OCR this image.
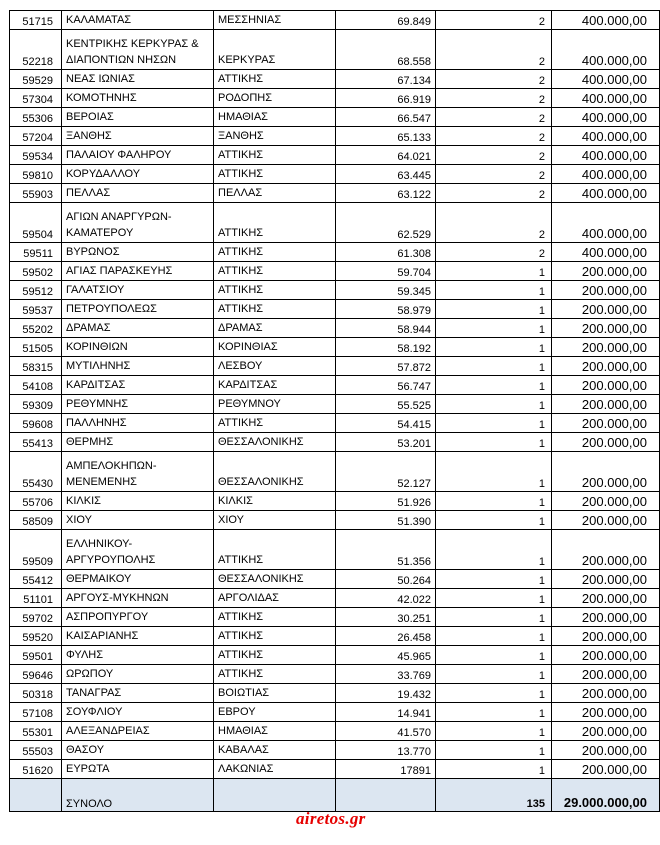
51715	ΚΑΛΑΜΑΤΑΣ	ΜΕΣΣΗΝΙΑΣ	69.849	2	400.000,00
52218	ΚΕΝΤΡΙΚΗΣ ΚΕΡΚΥΡΑΣ & ΔΙΑΠΟΝΤΙΩΝ ΝΗΣΩΝ	ΚΕΡΚΥΡΑΣ	68.558	2	400.000,00
59529	ΝΕΑΣ ΙΩΝΙΑΣ	ΑΤΤΙΚΗΣ	67.134	2	400.000,00
57304	ΚΟΜΟΤΗΝΗΣ	ΡΟΔΟΠΗΣ	66.919	2	400.000,00
55306	ΒΕΡΟΙΑΣ	ΗΜΑΘΙΑΣ	66.547	2	400.000,00
57204	ΞΑΝΘΗΣ	ΞΑΝΘΗΣ	65.133	2	400.000,00
59534	ΠΑΛΑΙΟΥ ΦΑΛΗΡΟΥ	ΑΤΤΙΚΗΣ	64.021	2	400.000,00
59810	ΚΟΡΥΔΑΛΛΟΥ	ΑΤΤΙΚΗΣ	63.445	2	400.000,00
55903	ΠΕΛΛΑΣ	ΠΕΛΛΑΣ	63.122	2	400.000,00
59504	ΑΓΙΩΝ ΑΝΑΡΓΥΡΩΝ-ΚΑΜΑΤΕΡΟΥ	ΑΤΤΙΚΗΣ	62.529	2	400.000,00
59511	ΒΥΡΩΝΟΣ	ΑΤΤΙΚΗΣ	61.308	2	400.000,00
59502	ΑΓΙΑΣ ΠΑΡΑΣΚΕΥΗΣ	ΑΤΤΙΚΗΣ	59.704	1	200.000,00
59512	ΓΑΛΑΤΣΙΟΥ	ΑΤΤΙΚΗΣ	59.345	1	200.000,00
59537	ΠΕΤΡΟΥΠΟΛΕΩΣ	ΑΤΤΙΚΗΣ	58.979	1	200.000,00
55202	ΔΡΑΜΑΣ	ΔΡΑΜΑΣ	58.944	1	200.000,00
51505	ΚΟΡΙΝΘΙΩΝ	ΚΟΡΙΝΘΙΑΣ	58.192	1	200.000,00
58315	ΜΥΤΙΛΗΝΗΣ	ΛΕΣΒΟΥ	57.872	1	200.000,00
54108	ΚΑΡΔΙΤΣΑΣ	ΚΑΡΔΙΤΣΑΣ	56.747	1	200.000,00
59309	ΡΕΘΥΜΝΗΣ	ΡΕΘΥΜΝΟΥ	55.525	1	200.000,00
59608	ΠΑΛΛΗΝΗΣ	ΑΤΤΙΚΗΣ	54.415	1	200.000,00
55413	ΘΕΡΜΗΣ	ΘΕΣΣΑΛΟΝΙΚΗΣ	53.201	1	200.000,00
55430	ΑΜΠΕΛΟΚΗΠΩΝ-ΜΕΝΕΜΕΝΗΣ	ΘΕΣΣΑΛΟΝΙΚΗΣ	52.127	1	200.000,00
55706	ΚΙΛΚΙΣ	ΚΙΛΚΙΣ	51.926	1	200.000,00
58509	ΧΙΟΥ	ΧΙΟΥ	51.390	1	200.000,00
59509	ΕΛΛΗΝΙΚΟΥ-ΑΡΓΥΡΟΥΠΟΛΗΣ	ΑΤΤΙΚΗΣ	51.356	1	200.000,00
55412	ΘΕΡΜΑΙΚΟΥ	ΘΕΣΣΑΛΟΝΙΚΗΣ	50.264	1	200.000,00
51101	ΑΡΓΟΥΣ-ΜΥΚΗΝΩΝ	ΑΡΓΟΛΙΔΑΣ	42.022	1	200.000,00
59702	ΑΣΠΡΟΠΥΡΓΟΥ	ΑΤΤΙΚΗΣ	30.251	1	200.000,00
59520	ΚΑΙΣΑΡΙΑΝΗΣ	ΑΤΤΙΚΗΣ	26.458	1	200.000,00
59501	ΦΥΛΗΣ	ΑΤΤΙΚΗΣ	45.965	1	200.000,00
59646	ΩΡΩΠΟΥ	ΑΤΤΙΚΗΣ	33.769	1	200.000,00
50318	ΤΑΝΑΓΡΑΣ	ΒΟΙΩΤΙΑΣ	19.432	1	200.000,00
57108	ΣΟΥΦΛΙΟΥ	ΕΒΡΟΥ	14.941	1	200.000,00
55301	ΑΛΕΞΑΝΔΡΕΙΑΣ	ΗΜΑΘΙΑΣ	41.570	1	200.000,00
55503	ΘΑΣΟΥ	ΚΑΒΑΛΑΣ	13.770	1	200.000,00
51620	ΕΥΡΩΤΑ	ΛΑΚΩΝΙΑΣ	17891	1	200.000,00
	ΣΥΝΟΛΟ			135	29.000.000,00
airetos.gr
